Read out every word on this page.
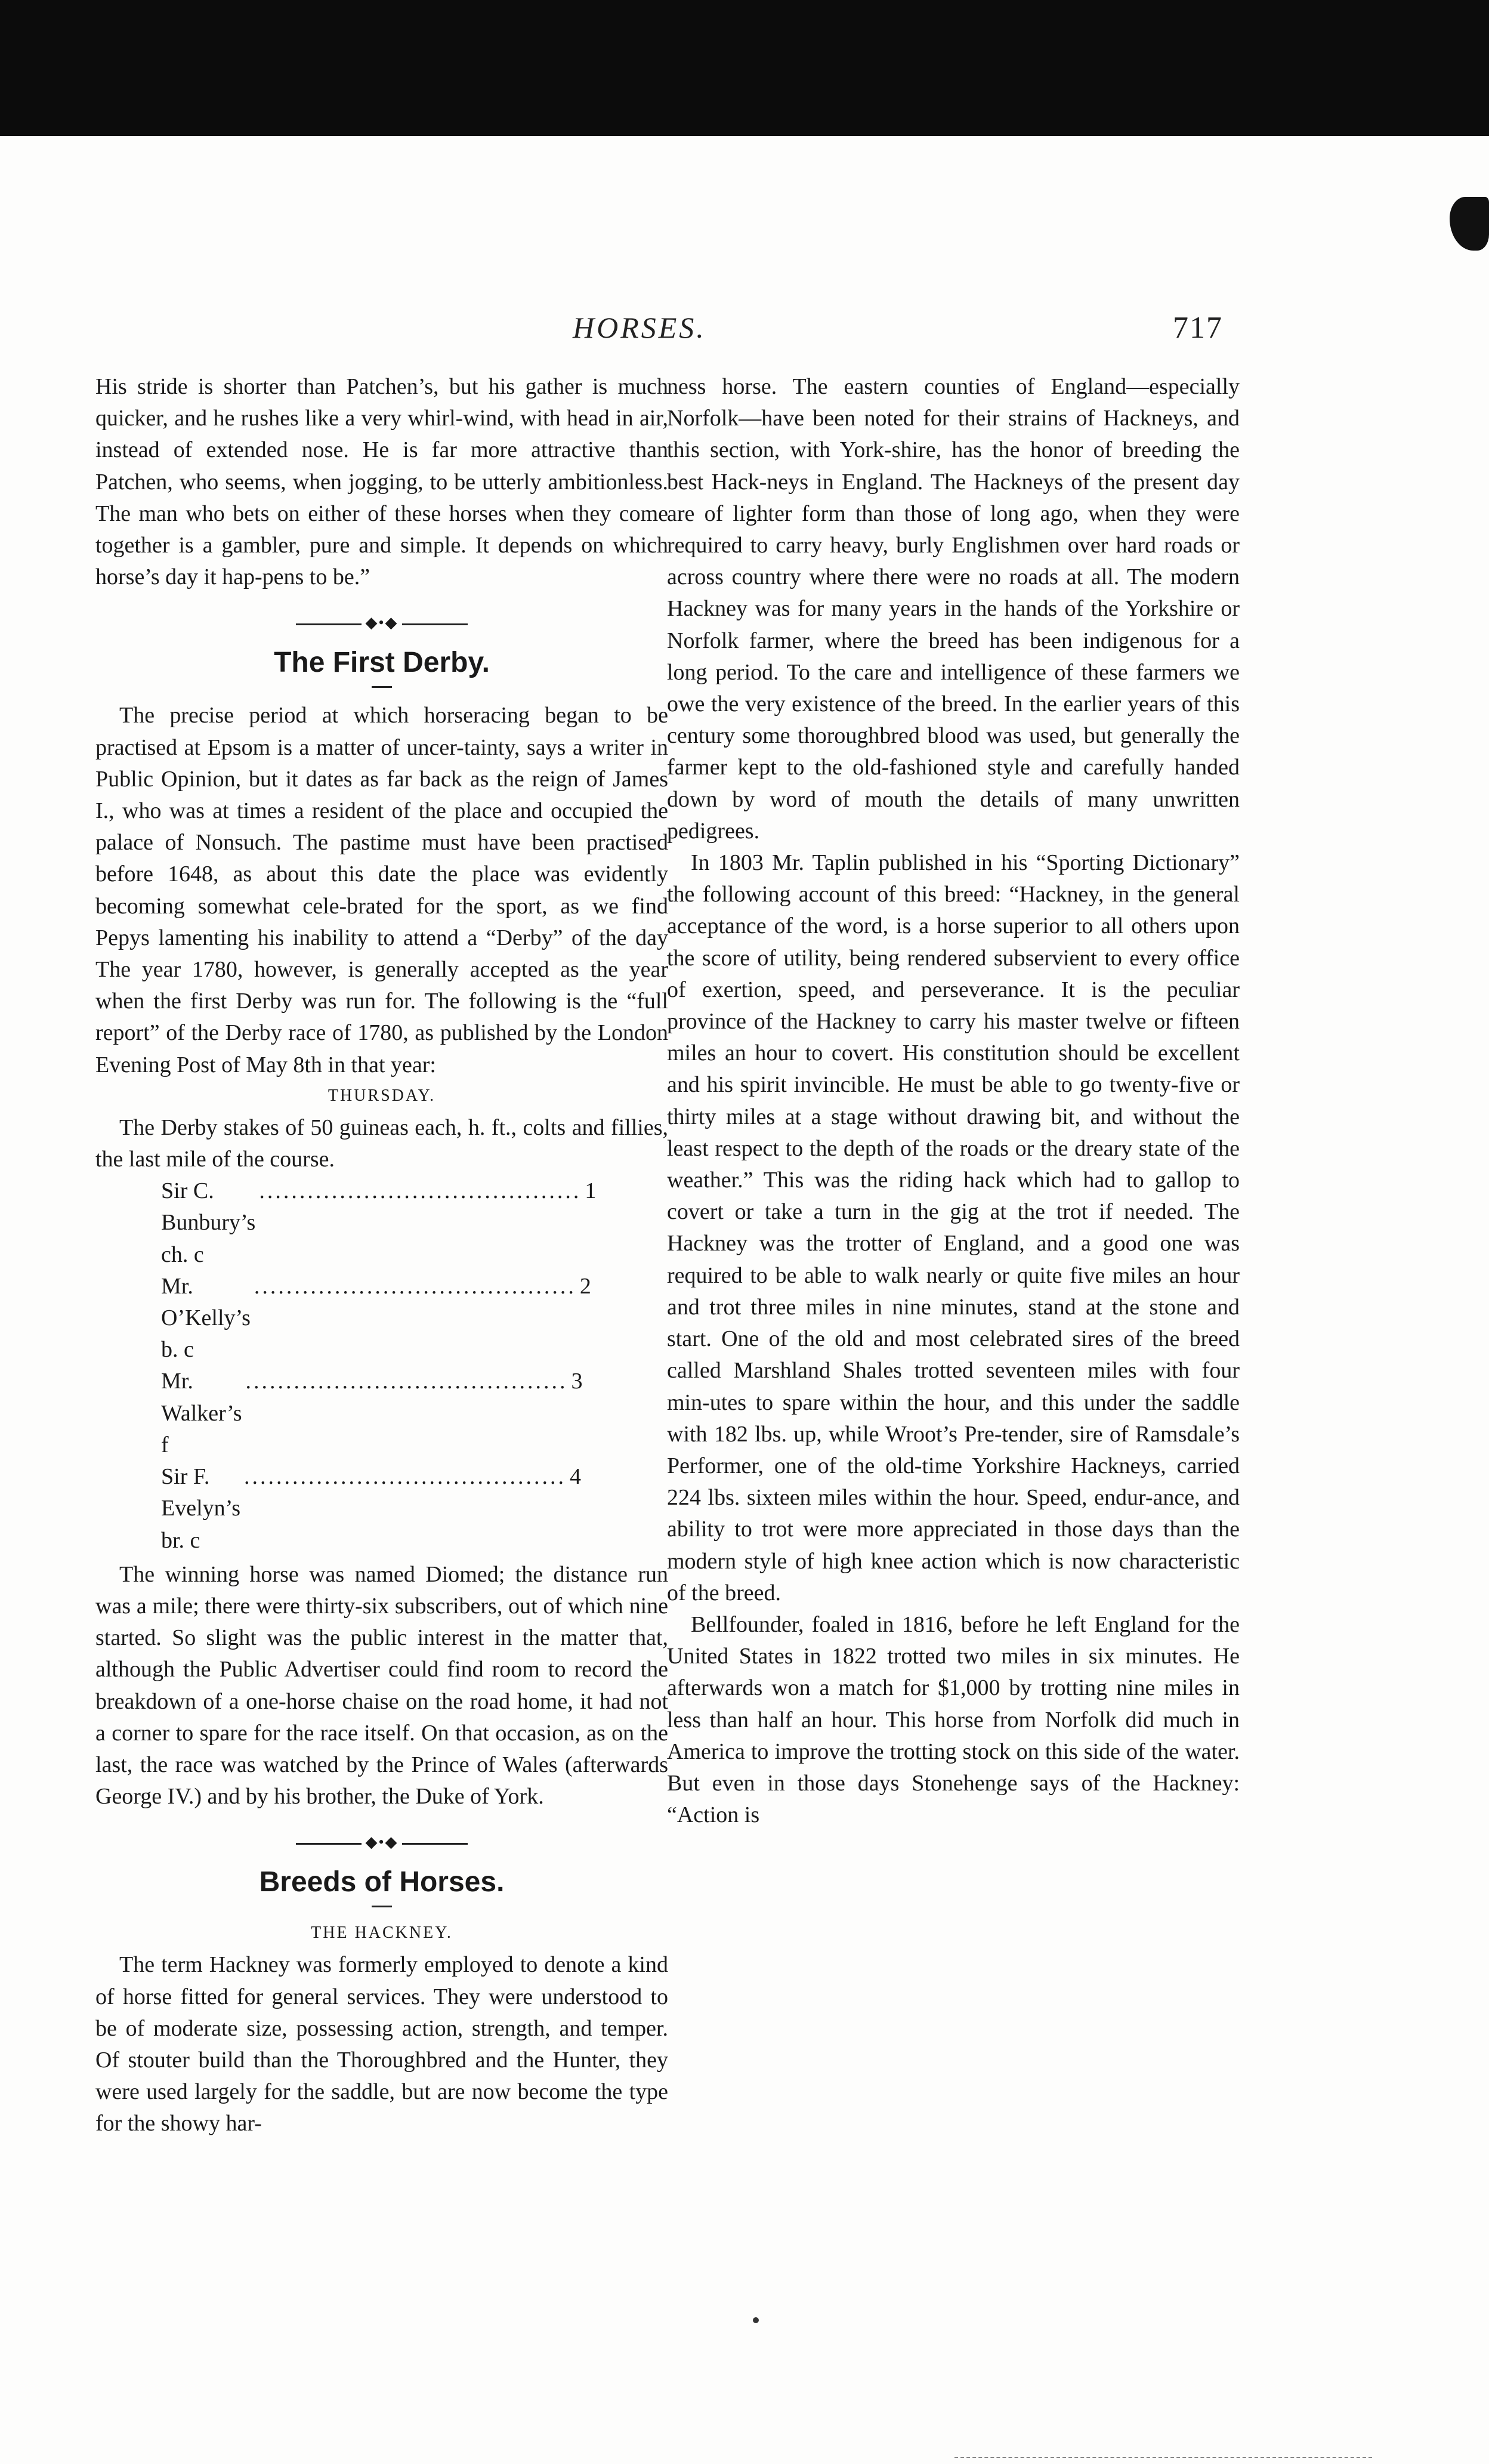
HORSES.	717

His stride is shorter than Patchen’s, but his gather is much quicker, and he rushes like a very whirl-wind, with head in air, instead of extended nose. He is far more attractive than Patchen, who seems, when jogging, to be utterly ambitionless. The man who bets on either of these horses when they come together is a gambler, pure and simple. It depends on which horse’s day it hap-pens to be.”

◆•◆
The First Derby.

The precise period at which horseracing began to be practised at Epsom is a matter of uncer-tainty, says a writer in Public Opinion, but it dates as far back as the reign of James I., who was at times a resident of the place and occupied the palace of Nonsuch. The pastime must have been practised before 1648, as about this date the place was evidently becoming somewhat cele-brated for the sport, as we find Pepys lamenting his inability to attend a “Derby” of the day The year 1780, however, is generally accepted as the year when the first Derby was run for. The following is the “full report” of the Derby race of 1780, as published by the London Evening Post of May 8th in that year:

THURSDAY.

The Derby stakes of 50 guineas each, h. ft., colts and fillies, the last mile of the course.

Sir C. Bunbury’s ch. c
........................................ 1
Mr. O’Kelly’s b. c
........................................ 2
Mr. Walker’s f
........................................ 3
Sir F. Evelyn’s br. c
........................................ 4

The winning horse was named Diomed; the distance run was a mile; there were thirty-six subscribers, out of which nine started. So slight was the public interest in the matter that, although the Public Advertiser could find room to record the breakdown of a one-horse chaise on the road home, it had not a corner to spare for the race itself. On that occasion, as on the last, the race was watched by the Prince of Wales (afterwards George IV.) and by his brother, the Duke of York.

◆•◆
Breeds of Horses.
THE HACKNEY.

The term Hackney was formerly employed to denote a kind of horse fitted for general services. They were understood to be of moderate size, possessing action, strength, and temper. Of stouter build than the Thoroughbred and the Hunter, they were used largely for the saddle, but are now become the type for the showy har-

ness horse. The eastern counties of England—especially Norfolk—have been noted for their strains of Hackneys, and this section, with York-shire, has the honor of breeding the best Hack-neys in England. The Hackneys of the present day are of lighter form than those of long ago, when they were required to carry heavy, burly Englishmen over hard roads or across country where there were no roads at all. The modern Hackney was for many years in the hands of the Yorkshire or Norfolk farmer, where the breed has been indigenous for a long period. To the care and intelligence of these farmers we owe the very existence of the breed. In the earlier years of this century some thoroughbred blood was used, but generally the farmer kept to the old-fashioned style and carefully handed down by word of mouth the details of many unwritten pedigrees.

In 1803 Mr. Taplin published in his “Sporting Dictionary” the following account of this breed: “Hackney, in the general acceptance of the word, is a horse superior to all others upon the score of utility, being rendered subservient to every office of exertion, speed, and perseverance. It is the peculiar province of the Hackney to carry his master twelve or fifteen miles an hour to covert. His constitution should be excellent and his spirit invincible. He must be able to go twenty-five or thirty miles at a stage without drawing bit, and without the least respect to the depth of the roads or the dreary state of the weather.” This was the riding hack which had to gallop to covert or take a turn in the gig at the trot if needed. The Hackney was the trotter of England, and a good one was required to be able to walk nearly or quite five miles an hour and trot three miles in nine minutes, stand at the stone and start. One of the old and most celebrated sires of the breed called Marshland Shales trotted seventeen miles with four min-utes to spare within the hour, and this under the saddle with 182 lbs. up, while Wroot’s Pre-tender, sire of Ramsdale’s Performer, one of the old-time Yorkshire Hackneys, carried 224 lbs. sixteen miles within the hour. Speed, endur-ance, and ability to trot were more appreciated in those days than the modern style of high knee action which is now characteristic of the breed.

Bellfounder, foaled in 1816, before he left England for the United States in 1822 trotted two miles in six minutes. He afterwards won a match for $1,000 by trotting nine miles in less than half an hour. This horse from Norfolk did much in America to improve the trotting stock on this side of the water. But even in those days Stonehenge says of the Hackney: “Action is
